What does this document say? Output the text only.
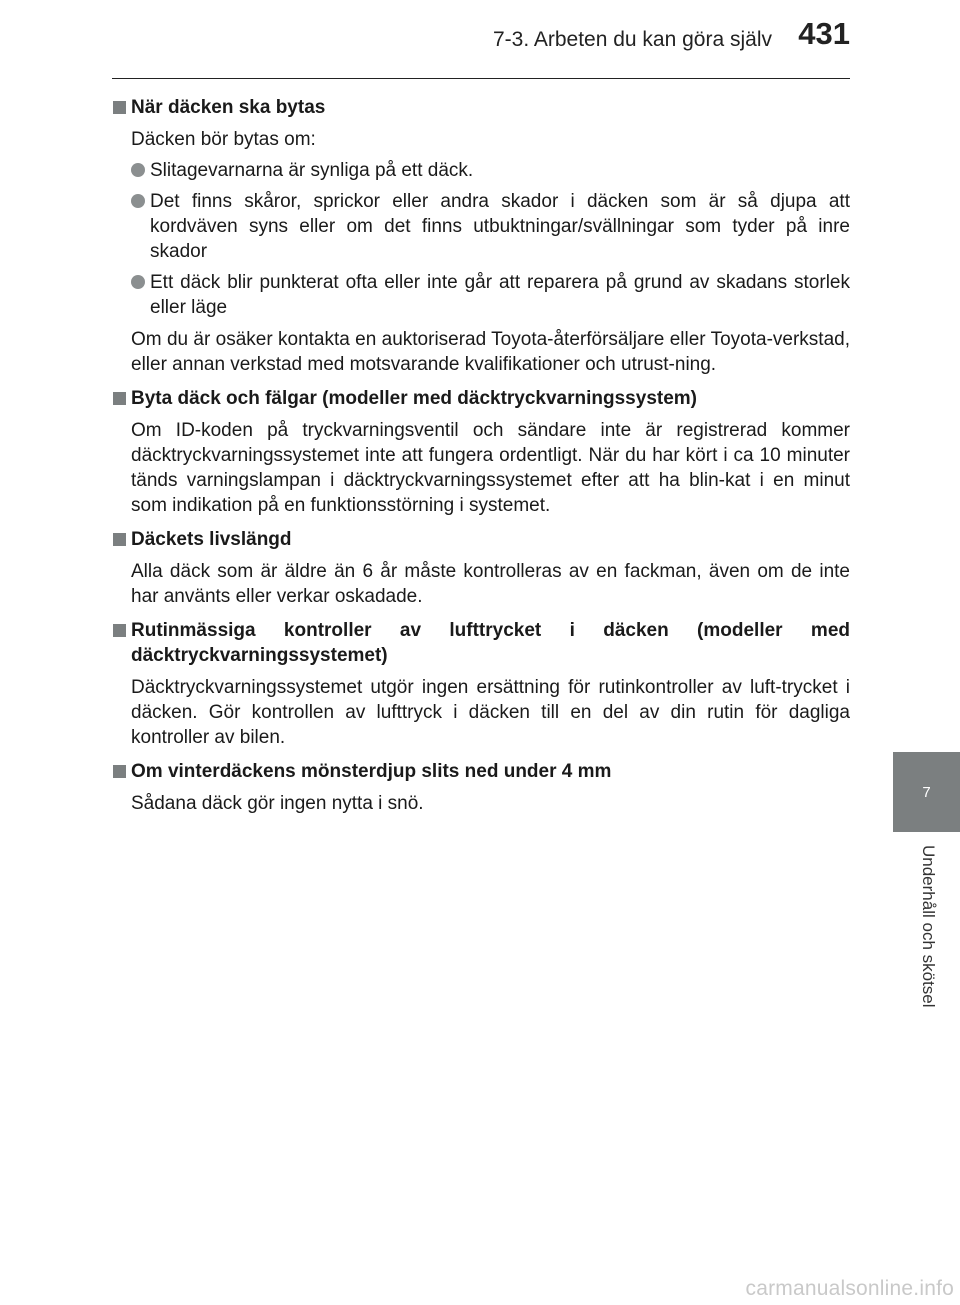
7-3. Arbeten du kan göra själv 431
7
Underhåll och skötsel
När däcken ska bytas
Däcken bör bytas om:
Slitagevarnarna är synliga på ett däck.
Det finns skåror, sprickor eller andra skador i däcken som är så djupa att kordväven syns eller om det finns utbuktningar/svällningar som tyder på inre skador
Ett däck blir punkterat ofta eller inte går att reparera på grund av skadans storlek eller läge
Om du är osäker kontakta en auktoriserad Toyota-återförsäljare eller Toyota-verkstad, eller annan verkstad med motsvarande kvalifikationer och utrust-ning.
Byta däck och fälgar (modeller med däcktryckvarningssystem)
Om ID-koden på tryckvarningsventil och sändare inte är registrerad kommer däcktryckvarningssystemet inte att fungera ordentligt. När du har kört i ca 10 minuter tänds varningslampan i däcktryckvarningssystemet efter att ha blin-kat i en minut som indikation på en funktionsstörning i systemet.
Däckets livslängd
Alla däck som är äldre än 6 år måste kontrolleras av en fackman, även om de inte har använts eller verkar oskadade.
Rutinmässiga kontroller av lufttrycket i däcken (modeller med däcktryckvarningssystemet)
Däcktryckvarningssystemet utgör ingen ersättning för rutinkontroller av luft-trycket i däcken. Gör kontrollen av lufttryck i däcken till en del av din rutin för dagliga kontroller av bilen.
Om vinterdäckens mönsterdjup slits ned under 4 mm
Sådana däck gör ingen nytta i snö.
carmanualsonline.info
